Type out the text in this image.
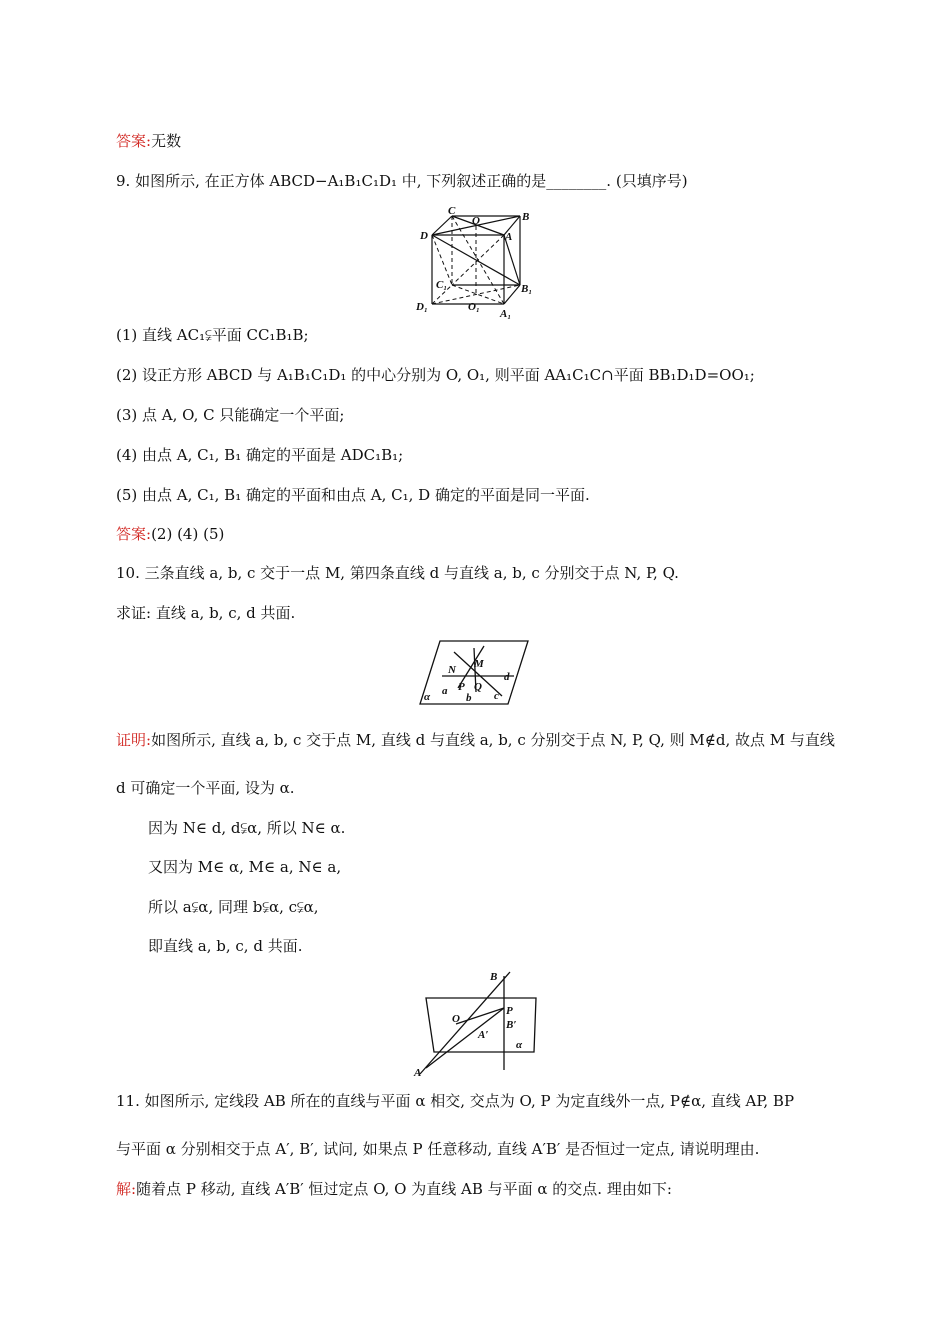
答案:无数
9. 如图所示, 在正方体 ABCD−A₁B₁C₁D₁ 中, 下列叙述正确的是________. (只填序号)
C
O	B
D	A
C₁	B₁
D₁	O₁
A₁
(1) 直线 AC₁⫋平面 CC₁B₁B;
(2) 设正方形 ABCD 与 A₁B₁C₁D₁ 的中心分别为 O, O₁, 则平面 AA₁C₁C∩平面 BB₁D₁D=OO₁;
(3) 点 A, O, C 只能确定一个平面;
(4) 由点 A, C₁, B₁ 确定的平面是 ADC₁B₁;
(5) 由点 A, C₁, B₁ 确定的平面和由点 A, C₁, D 确定的平面是同一平面.
答案:(2) (4) (5)
10. 三条直线 a, b, c 交于一点 M, 第四条直线 d 与直线 a, b, c 分别交于点 N, P, Q.
求证: 直线 a, b, c, d 共面.
N M
d
α a P Q
b c
证明:如图所示, 直线 a, b, c 交于点 M, 直线 d 与直线 a, b, c 分别交于点 N, P, Q, 则 M∉d, 故点 M 与直线
d 可确定一个平面, 设为 α.
因为 N∈ d, d⫋α, 所以 N∈ α.
又因为 M∈ α, M∈ a, N∈ a,
所以 a⫋α, 同理 b⫋α, c⫋α,
即直线 a, b, c, d 共面.
B
P
O	B′
A′
α
A
11. 如图所示, 定线段 AB 所在的直线与平面 α 相交, 交点为 O, P 为定直线外一点, P∉α, 直线 AP, BP
与平面 α 分别相交于点 A′, B′, 试问, 如果点 P 任意移动, 直线 A′B′ 是否恒过一定点, 请说明理由.
解:随着点 P 移动, 直线 A′B′ 恒过定点 O, O 为直线 AB 与平面 α 的交点. 理由如下:
